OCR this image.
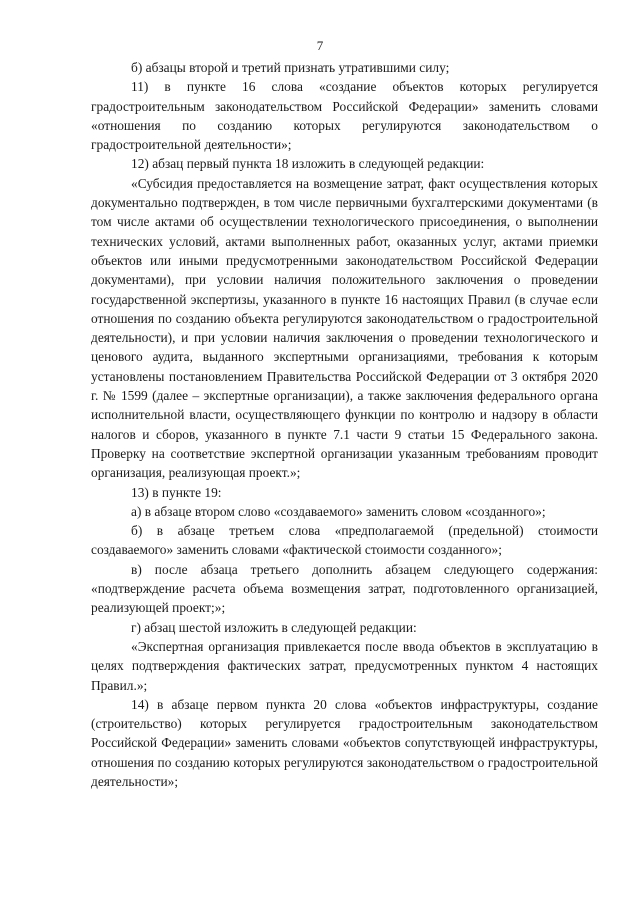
7

б) абзацы второй и третий признать утратившими силу;

11) в пункте 16 слова «создание объектов которых регулируется градостроительным законодательством Российской Федерации» заменить словами «отношения по созданию которых регулируются законодательством о градостроительной деятельности»;

12) абзац первый пункта 18 изложить в следующей редакции:

«Субсидия предоставляется на возмещение затрат, факт осуществления которых документально подтвержден, в том числе первичными бухгалтерскими документами (в том числе актами об осуществлении технологического присоединения, о выполнении технических условий, актами выполненных работ, оказанных услуг, актами приемки объектов или иными предусмотренными законодательством Российской Федерации документами), при условии наличия положительного заключения о проведении государственной экспертизы, указанного в пункте 16 настоящих Правил (в случае если отношения по созданию объекта регулируются законодательством о градостроительной деятельности), и при условии наличия заключения о проведении технологического и ценового аудита, выданного экспертными организациями, требования к которым установлены постановлением Правительства Российской Федерации от 3 октября 2020 г. № 1599 (далее – экспертные организации), а также заключения федерального органа исполнительной власти, осуществляющего функции по контролю и надзору в области налогов и сборов, указанного в пункте 7.1 части 9 статьи 15 Федерального закона. Проверку на соответствие экспертной организации указанным требованиям проводит организация, реализующая проект.»;

13) в пункте 19:

а) в абзаце втором слово «создаваемого» заменить словом «созданного»;

б) в абзаце третьем слова «предполагаемой (предельной) стоимости создаваемого» заменить словами «фактической стоимости созданного»;

в) после абзаца третьего дополнить абзацем следующего содержания: «подтверждение расчета объема возмещения затрат, подготовленного организацией, реализующей проект;»;

г) абзац шестой изложить в следующей редакции:

«Экспертная организация привлекается после ввода объектов в эксплуатацию в целях подтверждения фактических затрат, предусмотренных пунктом 4 настоящих Правил.»;

14) в абзаце первом пункта 20 слова «объектов инфраструктуры, создание (строительство) которых регулируется градостроительным законодательством Российской Федерации» заменить словами «объектов сопутствующей инфраструктуры, отношения по созданию которых регулируются законодательством о градостроительной деятельности»;
